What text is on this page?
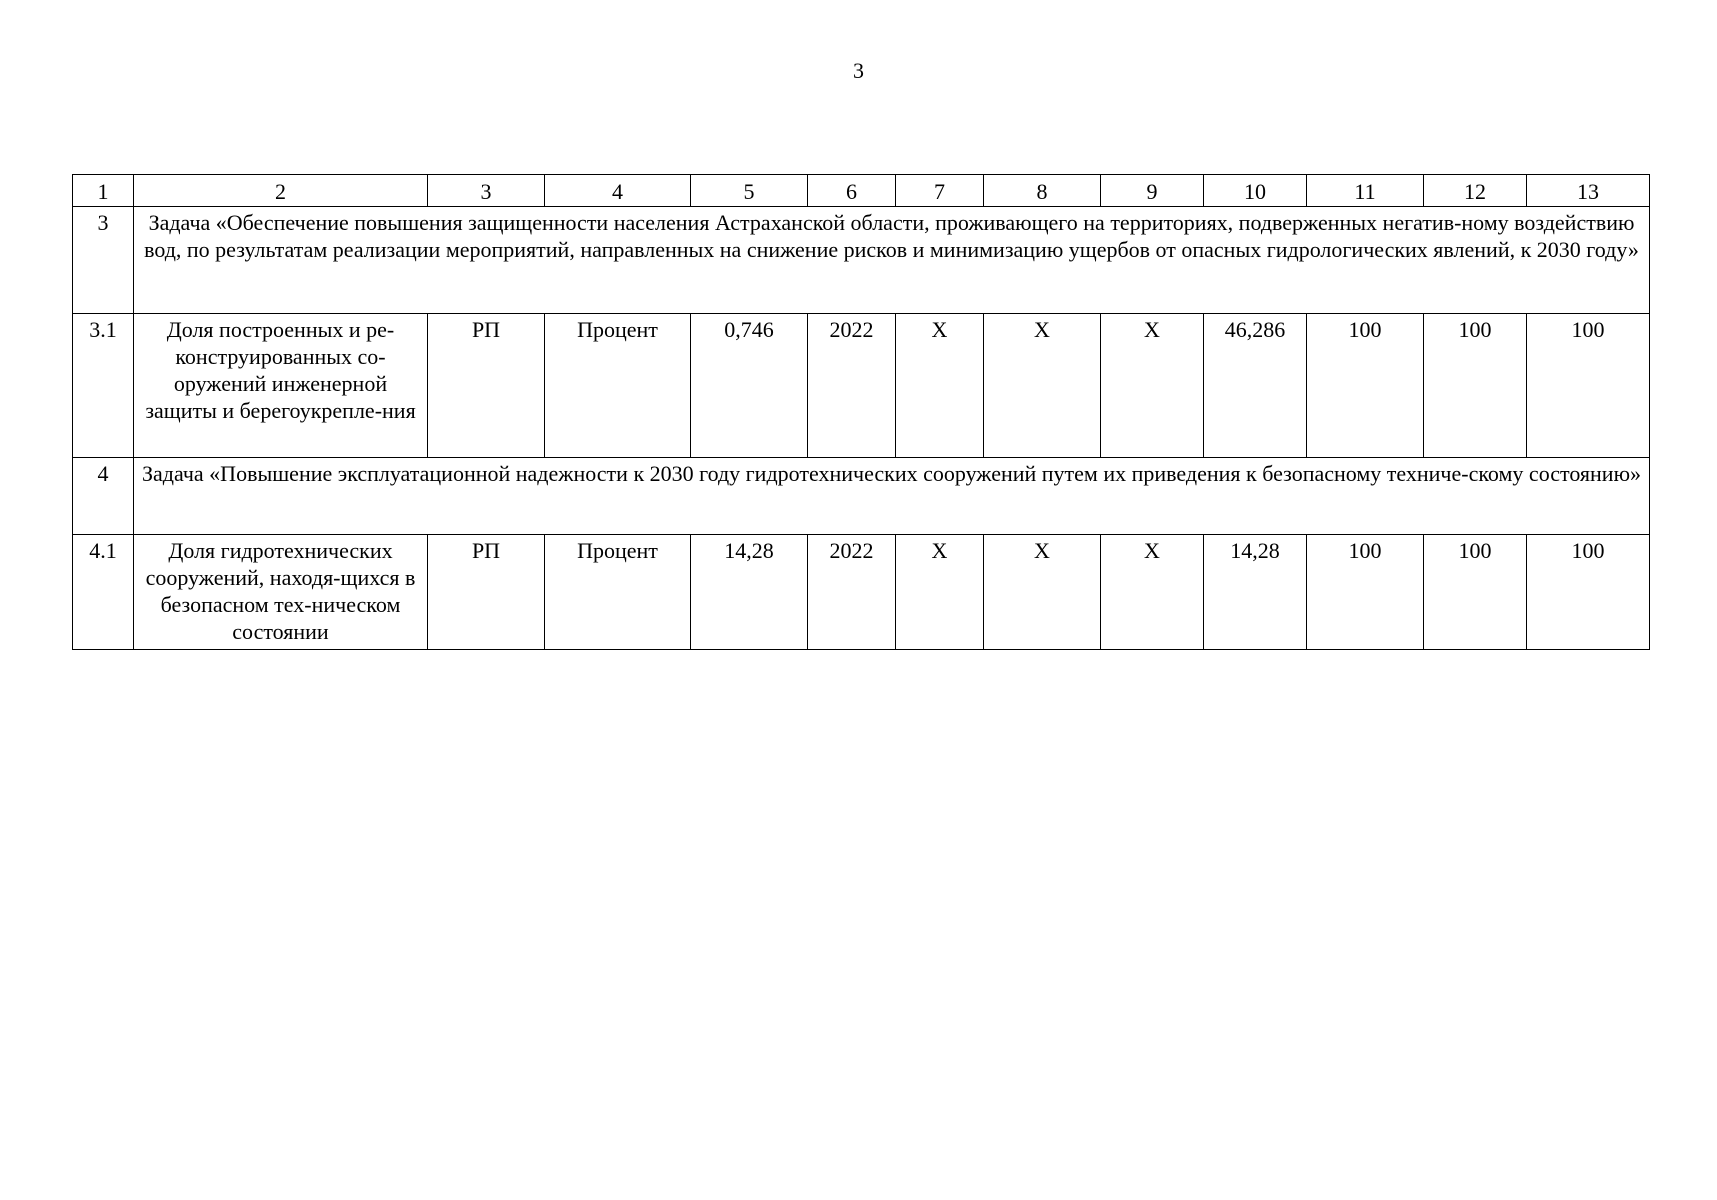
3
1	2	3	4	5	6	7	8	9	10	11	12	13
3	Задача «Обеспечение повышения защищенности населения Астраханской области, проживающего на территориях, подверженных негатив-ному воздействию вод, по результатам реализации мероприятий, направленных на снижение рисков и минимизацию ущербов от опасных гидрологических явлений, к 2030 году»											
3.1	Доля построенных и ре-конструированных со-оружений инженерной защиты и берегоукрепле-ния	РП	Процент	0,746	2022	Х	Х	Х	46,286	100	100	100
4	Задача «Повышение эксплуатационной надежности к 2030 году гидротехнических сооружений путем их приведения к безопасному техниче-скому состоянию»											
4.1	Доля гидротехнических сооружений, находя-щихся в безопасном тех-ническом состоянии	РП	Процент	14,28	2022	Х	Х	Х	14,28	100	100	100
